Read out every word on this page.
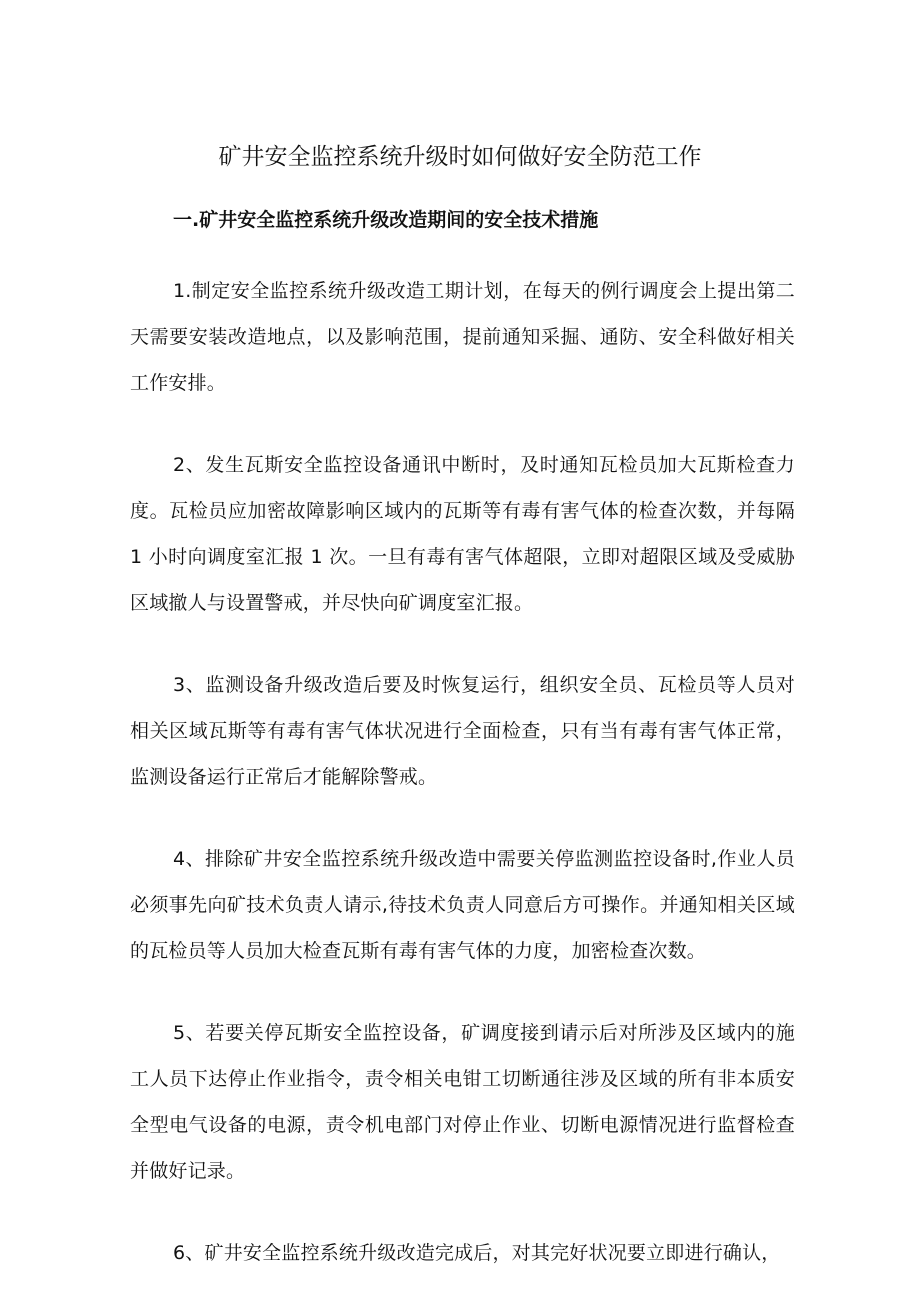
矿井安全监控系统升级时如何做好安全防范工作
一.矿井安全监控系统升级改造期间的安全技术措施

1.制定安全监控系统升级改造工期计划，在每天的例行调度会上提出第二天需要安装改造地点，以及影响范围，提前通知采掘、通防、安全科做好相关工作安排。

2、发生瓦斯安全监控设备通讯中断时，及时通知瓦检员加大瓦斯检查力度。瓦检员应加密故障影响区域内的瓦斯等有毒有害气体的检查次数，并每隔 1 小时向调度室汇报 1 次。一旦有毒有害气体超限，立即对超限区域及受威胁区域撤人与设置警戒，并尽快向矿调度室汇报。

3、监测设备升级改造后要及时恢复运行，组织安全员、瓦检员等人员对相关区域瓦斯等有毒有害气体状况进行全面检查，只有当有毒有害气体正常，监测设备运行正常后才能解除警戒。

4、排除矿井安全监控系统升级改造中需要关停监测监控设备时,作业人员必须事先向矿技术负责人请示,待技术负责人同意后方可操作。并通知相关区域的瓦检员等人员加大检查瓦斯有毒有害气体的力度，加密检查次数。

5、若要关停瓦斯安全监控设备，矿调度接到请示后对所涉及区域内的施工人员下达停止作业指令，责令相关电钳工切断通往涉及区域的所有非本质安全型电气设备的电源，责令机电部门对停止作业、切断电源情况进行监督检查并做好记录。

6、矿井安全监控系统升级改造完成后，对其完好状况要立即进行确认，
